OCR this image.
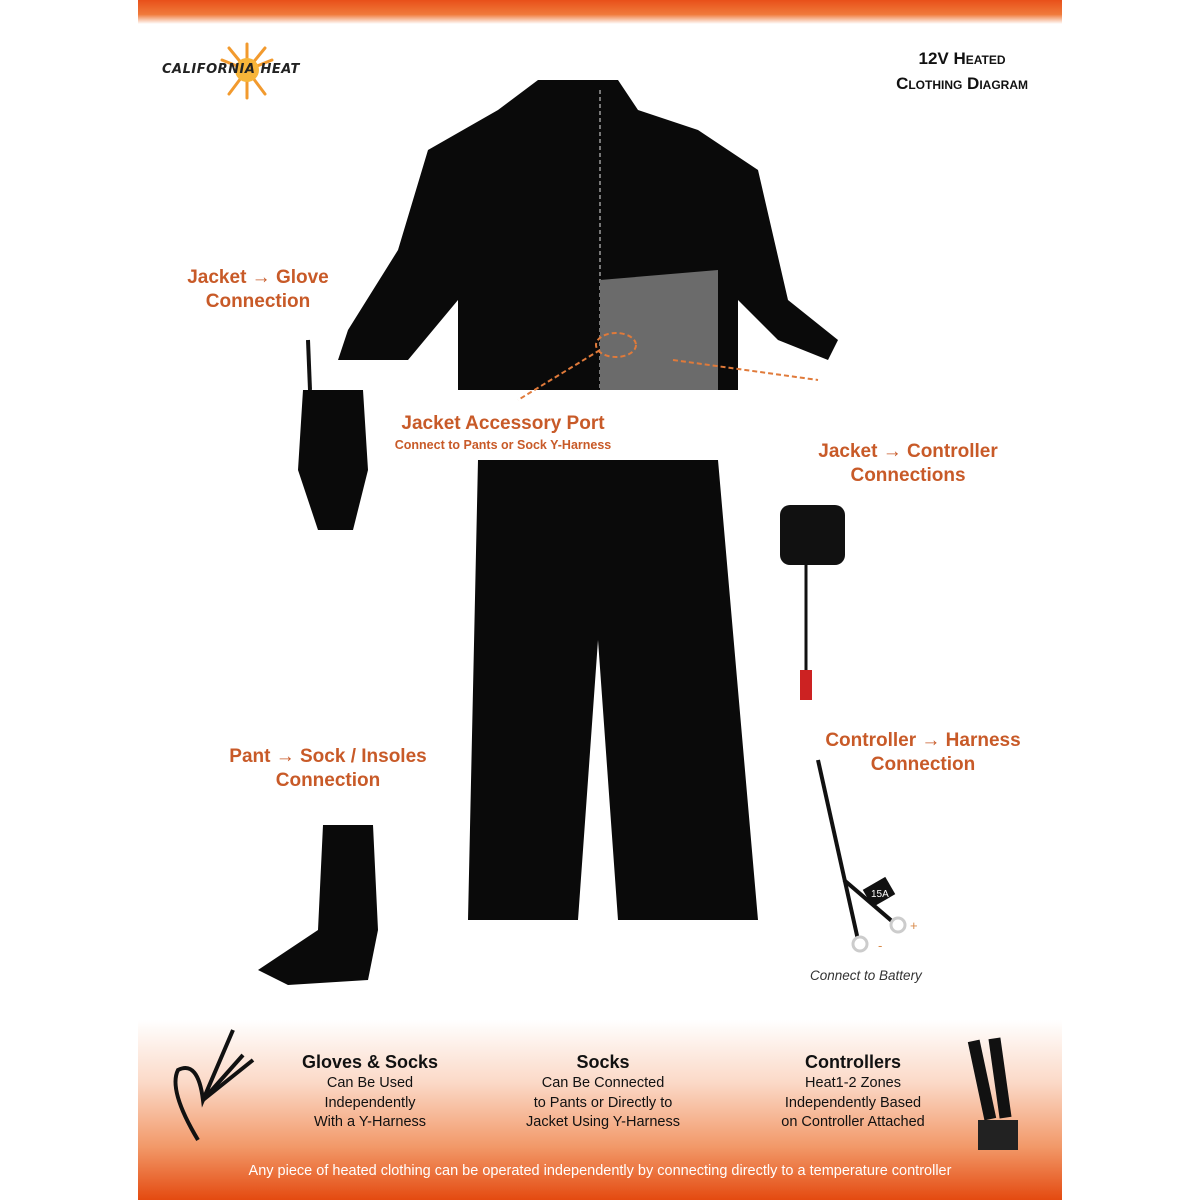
CALIFORNIA HEAT
12V Heated
Clothing Diagram
15A
+
-
Jacket → Glove
Connection
Jacket Accessory Port
Connect to Pants or Sock Y-Harness	Jacket → Controller
Connections
Controller → Harness
Connection
Pant → Sock / Insoles
Connection
Connect to Battery
Gloves & Socks

Can Be Used

Independently

With a Y-Harness

Socks

Can Be Connected

to Pants or Directly to

Jacket Using Y-Harness

Controllers

Heat1-2 Zones

Independently Based

on Controller Attached

Any piece of heated clothing can be operated independently by connecting directly to a temperature controller
